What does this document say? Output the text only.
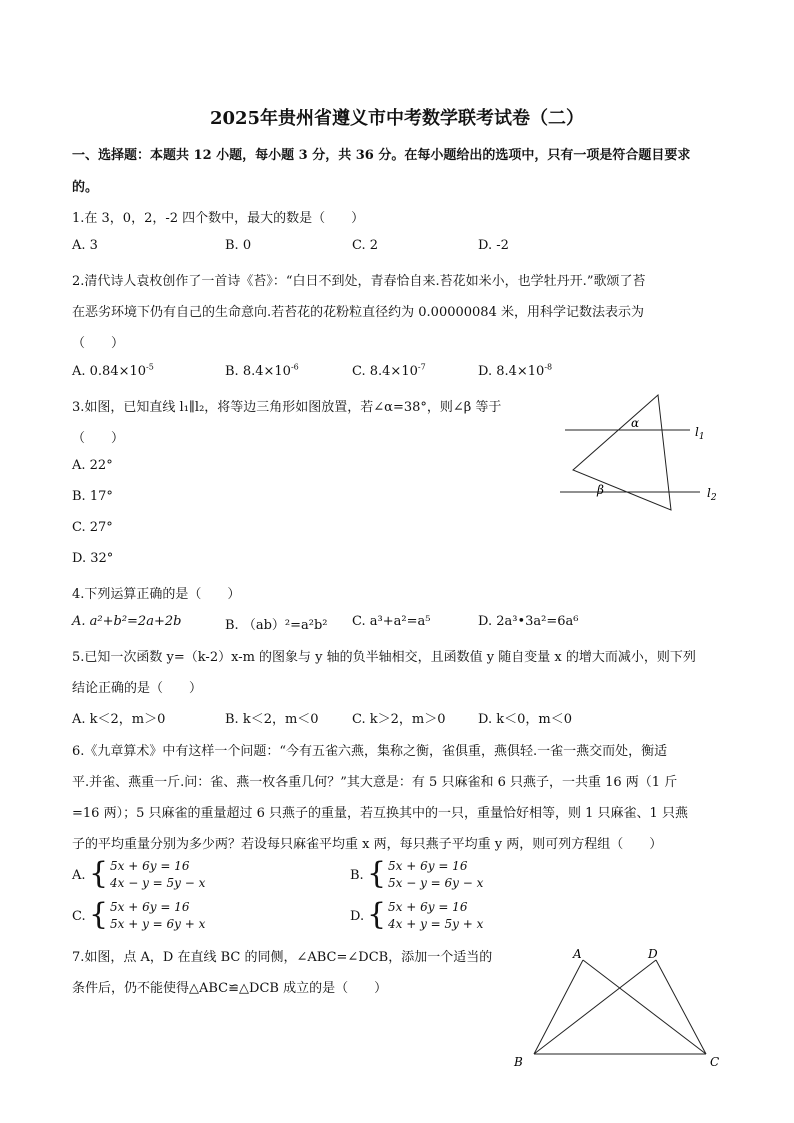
2025年贵州省遵义市中考数学联考试卷（二）
一、选择题：本题共 12 小题，每小题 3 分，共 36 分。在每小题给出的选项中，只有一项是符合题目要求
的。
1.在 3，0，2，-2 四个数中，最大的数是（　　）
A. 3	B. 0	C. 2	D. -2
2.清代诗人袁枚创作了一首诗《苔》：“白日不到处，青春恰自来.苔花如米小，也学牡丹开.”歌颂了苔
在恶劣环境下仍有自己的生命意向.若苔花的花粉粒直径约为 0.00000084 米，用科学记数法表示为
（　　）
A. $0.84\times 10^{-5}$	B. $8.4\times 10^{-6}$	C. $8.4\times 10^{-7}$	D. $8.4\times 10^{-8}$
3.如图，已知直线 l₁∥l₂，将等边三角形如图放置，若∠α=38°，则∠β 等于
（　　）
A. 22°
B. 17°
C. 27°
D. 32°
α
β
$l_1$
$l_2$
4.下列运算正确的是（　　）
A. a²+b²=2a+2b	B. （ab）²=a²b² C. a³+a²=a⁵	D. 2a³•3a²=6a⁶
5.已知一次函数 y=（k-2）x-m 的图象与 y 轴的负半轴相交，且函数值 y 随自变量 x 的增大而减小，则下列
结论正确的是（　　）
A. k＜2，m＞0	B. k＜2，m＜0	C. k＞2，m＞0	D. k＜0，m＜0
6.《九章算术》中有这样一个问题：“今有五雀六燕，集称之衡，雀俱重，燕俱轻.一雀一燕交而处，衡适
平.并雀、燕重一斤.问：雀、燕一枚各重几何？”其大意是：有 5 只麻雀和 6 只燕子，一共重 16 两（1 斤
=16 两）；5 只麻雀的重量超过 6 只燕子的重量，若互换其中的一只，重量恰好相等，则 1 只麻雀、1 只燕
子的平均重量分别为多少两？若设每只麻雀平均重 x 两，每只燕子平均重 y 两，则可列方程组（　　）
A. { 5x + 6y = 16
4x − y = 5y − x	B. { 5x + 6y = 16
5x − y = 6y − x
C. { 5x + 6y = 16
5x + y = 6y + x	D. { 5x + 6y = 16
4x + y = 5y + x
7.如图，点 A，D 在直线 BC 的同侧，∠ABC=∠DCB，添加一个适当的
条件后，仍不能使得△ABC≌△DCB 成立的是（　　）
A	D
B	C
